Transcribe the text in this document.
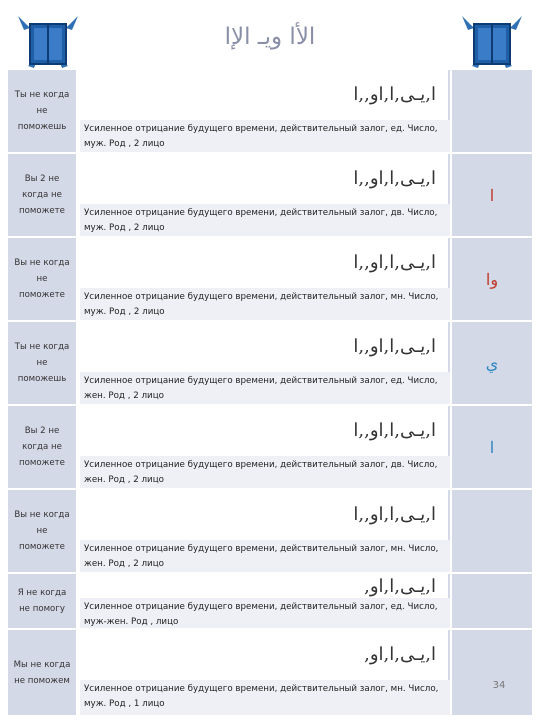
الأا ويـ الإا
Ты не когда не поможешь
ا,يـى,ا,او,,ا
Усиленное отрицание будущего времени, действительный залог, ед. Число, муж. Род , 2 лицо
Вы 2 не когда не поможете
ا,يـى,ا,او,,ا
Усиленное отрицание будущего времени, действительный залог, дв. Число, муж. Род , 2 лицо
ا
Вы не когда не поможете
ا,يـى,ا,او,,ا
Усиленное отрицание будущего времени, действительный залог, мн. Число, муж. Род , 2 лицо
وا
Ты не когда не поможешь
ا,يـى,ا,او,,ا
Усиленное отрицание будущего времени, действительный залог, ед. Число, жен. Род , 2 лицо
ي
Вы 2 не когда не поможете
ا,يـى,ا,او,,ا
Усиленное отрицание будущего времени, действительный залог, дв. Число, жен. Род , 2 лицо
ا
Вы не когда не поможете
ا,يـى,ا,او,,ا
Усиленное отрицание будущего времени, действительный залог, мн. Число, жен. Род , 2 лицо
Я не когда не помогу
ا,يـى,ا,او,
Усиленное отрицание будущего времени, действительный залог, ед. Число, муж-жен. Род , лицо
Мы не когда не поможем
ا,يـى,ا,او,
Усиленное отрицание будущего времени, действительный залог, мн. Число, муж. Род , 1 лицо
34
